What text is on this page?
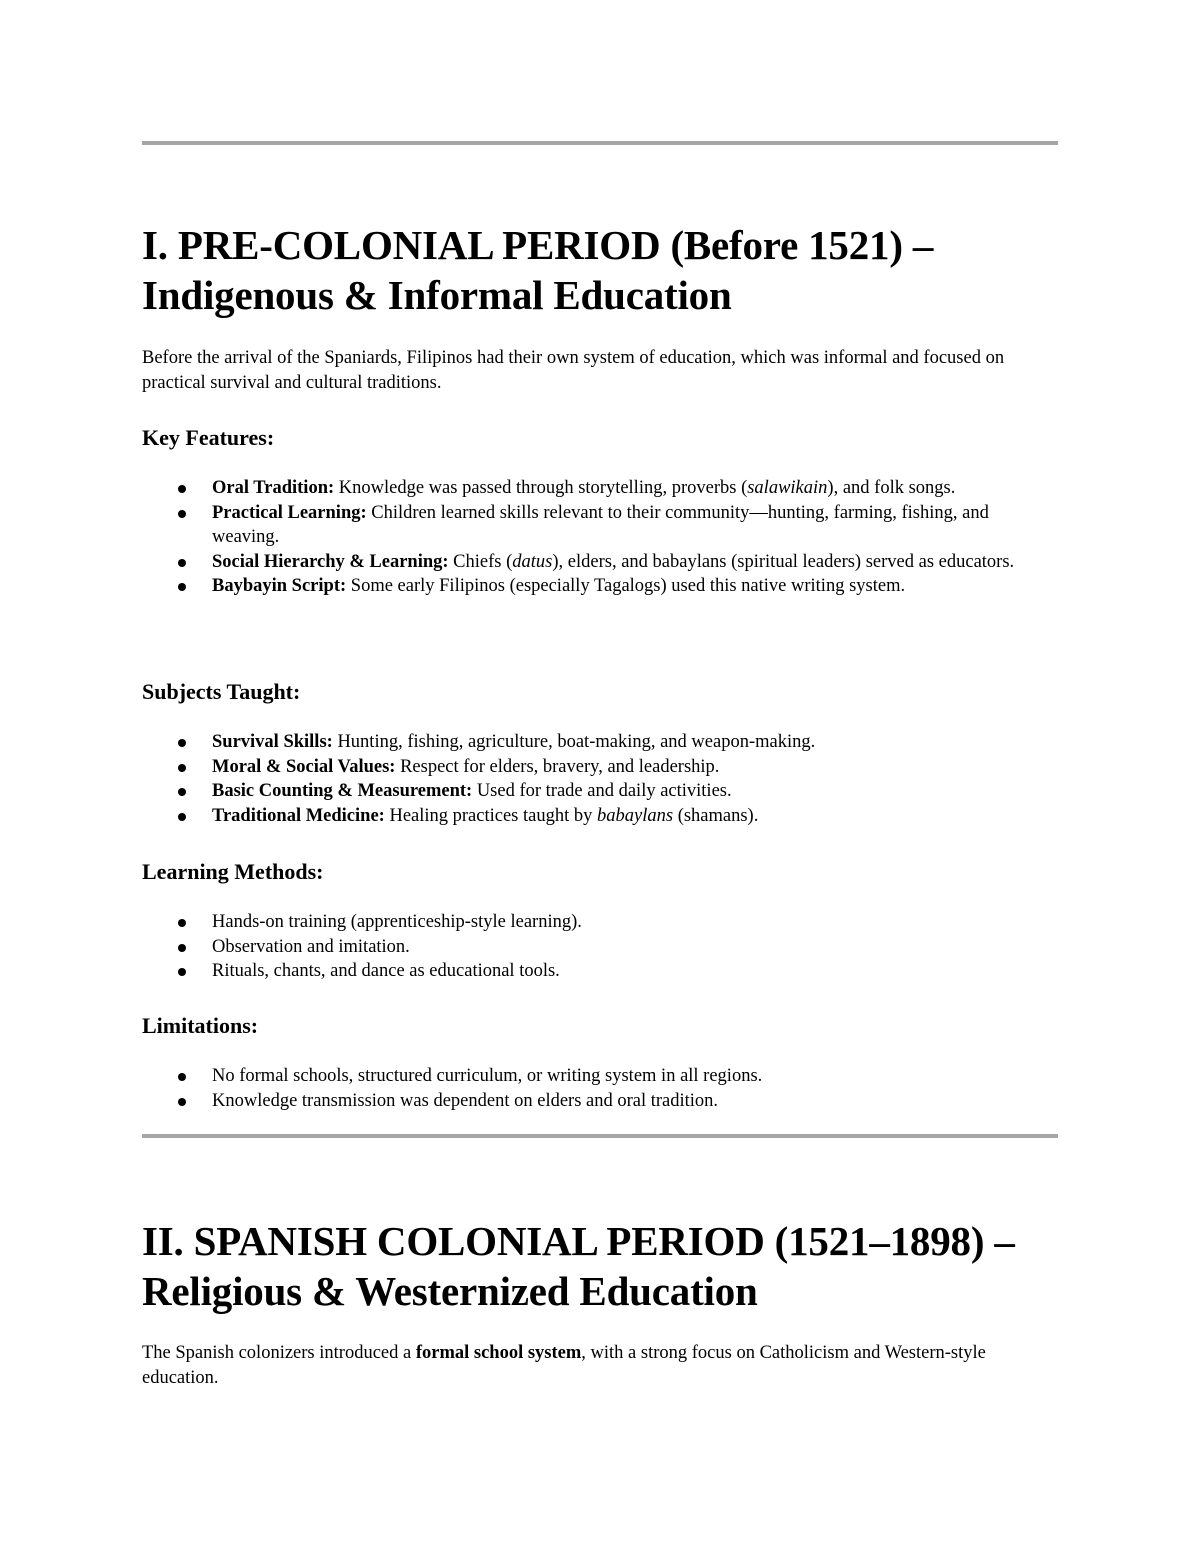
I. PRE-COLONIAL PERIOD (Before 1521) – Indigenous & Informal Education

Before the arrival of the Spaniards, Filipinos had their own system of education, which was informal and focused on practical survival and cultural traditions.

Key Features:
Oral Tradition: Knowledge was passed through storytelling, proverbs (salawikain), and folk songs.
Practical Learning: Children learned skills relevant to their community—hunting, farming, fishing, and weaving.
Social Hierarchy & Learning: Chiefs (datus), elders, and babaylans (spiritual leaders) served as educators.
Baybayin Script: Some early Filipinos (especially Tagalogs) used this native writing system.
Subjects Taught:
Survival Skills: Hunting, fishing, agriculture, boat-making, and weapon-making.
Moral & Social Values: Respect for elders, bravery, and leadership.
Basic Counting & Measurement: Used for trade and daily activities.
Traditional Medicine: Healing practices taught by babaylans (shamans).
Learning Methods:
Hands-on training (apprenticeship-style learning).
Observation and imitation.
Rituals, chants, and dance as educational tools.
Limitations:
No formal schools, structured curriculum, or writing system in all regions.
Knowledge transmission was dependent on elders and oral tradition.
II. SPANISH COLONIAL PERIOD (1521–1898) – Religious & Westernized Education

The Spanish colonizers introduced a formal school system, with a strong focus on Catholicism and Western-style education.
